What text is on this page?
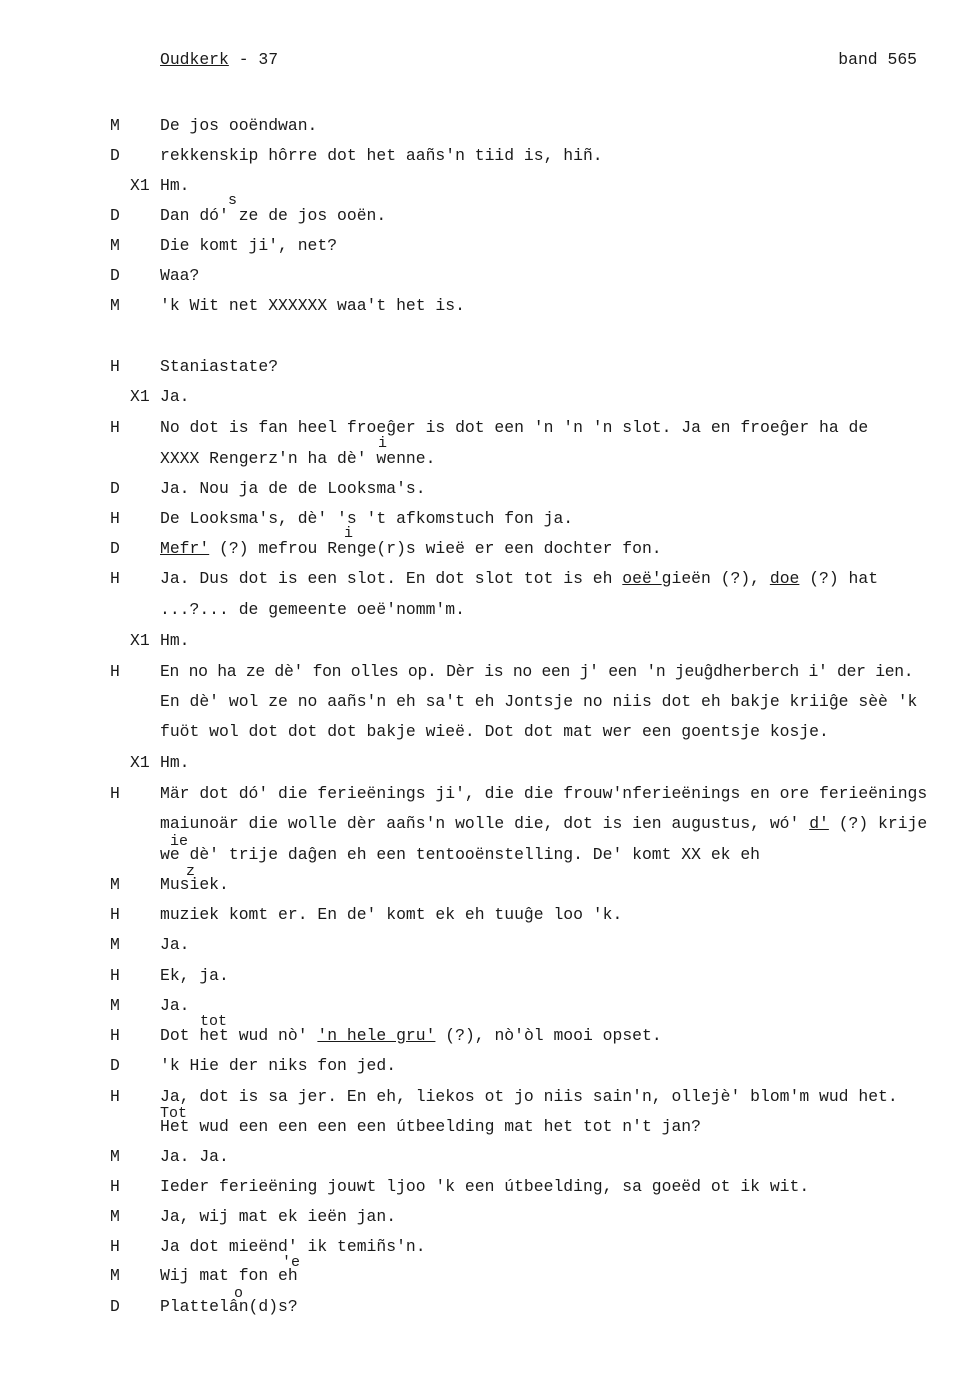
Oudkerk - 37	band 565
M De jos ooëndwan.
D rekkenskip hôrre dot het aañs'n tiid is, hiñ.
X1 Hm.
D
s
Dan dó' ze de jos ooën.
M Die komt ji', net?
D Waa?
M 'k Wit net XXXXXX waa't het is.
H Staniastate?
X1 Ja.
H No dot is fan heel froeĝer is dot een 'n 'n 'n slot. Ja en froeĝer ha de
i
XXXX Rengerz'n ha dè' wenne.
D Ja. Nou ja de de Looksma's.
H De Looksma's, dè' 's 't afkomstuch fon ja.
D
i
Mefr' (?) mefrou Renge(r)s wieë er een dochter fon.
H Ja. Dus dot is een slot. En dot slot tot is eh oeë'gieën (?), doe (?) hat
...?... de gemeente oeë'nomm'm.
X1 Hm.
H En no ha ze dè' fon olles op. Dèr is no een j' een 'n jeuĝdherberch i' der ien.
En dè' wol ze no aañs'n eh sa't eh Jontsje no niis dot eh bakje kriiĝe sèè 'k
fuöt wol dot dot dot bakje wieë. Dot dot mat wer een goentsje kosje.
X1 Hm.
H Mär dot dó' die ferieënings ji', die die frouw'nferieënings en ore ferieënings
maiunoär die wolle dèr aañs'n wolle die, dot is ien augustus, wó' d' (?) krije
ie
we dè' trije daĝen eh een tentooënstelling. De' komt XX ek eh
M
z
Musiek.
H muziek komt er. En de' komt ek eh tuuĝe loo 'k.
M Ja.
H Ek, ja.
M Ja.
H
tot
Dot het wud nò' 'n hele gru' (?), nò'òl mooi opset.
D 'k Hie der niks fon jed.
H Ja, dot is sa jer. En eh, liekos ot jo niis sain'n, ollejè' blom'm wud het.
Tot
Het wud een een een een útbeelding mat het tot n't jan?
M Ja. Ja.
H Ieder ferieëning jouwt ljoo 'k een útbeelding, sa goeëd ot ik wit.
M Ja, wij mat ek ieën jan.
H Ja dot mieënd' ik temiñs'n.
M
'e
Wij mat fon eh
D
o
Plattelân(d)s?
